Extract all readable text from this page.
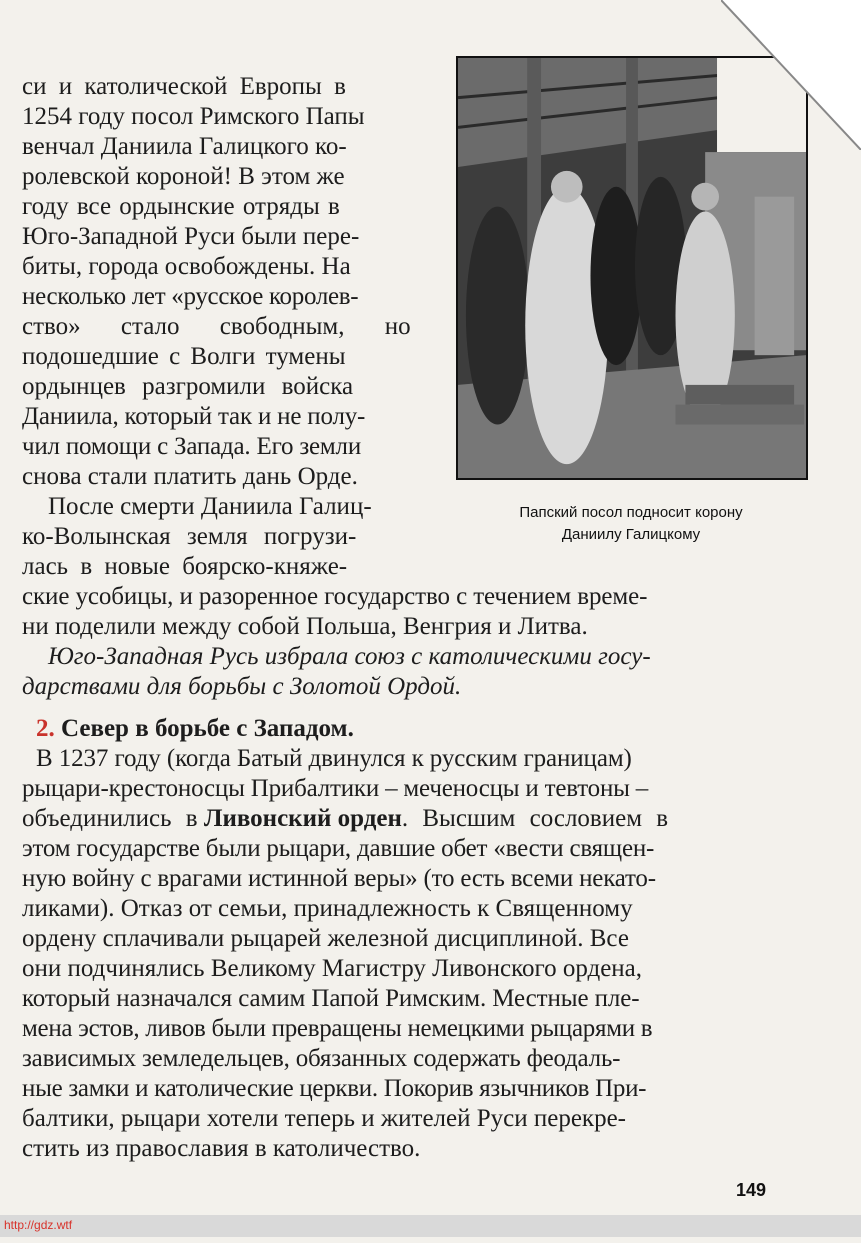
си и католической Европы в
1254 году посол Римского Папы
венчал Даниила Галицкого ко-
ролевской короной! В этом же
году все ордынские отряды в
Юго-Западной Руси были пере-
биты, города освобождены. На
несколько лет «русское королев-
ство» стало свободным, но
подошедшие с Волги тумены
ордынцев разгромили войска
Даниила, который так и не полу-
чил помощи с Запада. Его земли
снова стали платить дань Орде.
После смерти Даниила Галиц-
ко-Волынская земля погрузи-
лась в новые боярско-княже-
ские усобицы, и разоренное государство с течением време-
ни поделили между собой Польша, Венгрия и Литва.
Юго-Западная Русь избрала союз с католическими госу-
дарствами для борьбы с Золотой Ордой.
2. Север в борьбе с Западом.
В 1237 году (когда Батый двинулся к русским границам)
рыцари-крестоносцы Прибалтики – меченосцы и тевтоны –
объединились в Ливонский орден. Высшим сословием в
этом государстве были рыцари, давшие обет «вести священ-
ную войну с врагами истинной веры» (то есть всеми некато-
ликами). Отказ от семьи, принадлежность к Священному
ордену сплачивали рыцарей железной дисциплиной. Все
они подчинялись Великому Магистру Ливонского ордена,
который назначался самим Папой Римским. Местные пле-
мена эстов, ливов были превращены немецкими рыцарями в
зависимых земледельцев, обязанных содержать феодаль-
ные замки и католические церкви. Покорив язычников При-
балтики, рыцари хотели теперь и жителей Руси перекре-
стить из православия в католичество.
Папский посол подносит корону
Даниилу Галицкому
149
http://gdz.wtf
